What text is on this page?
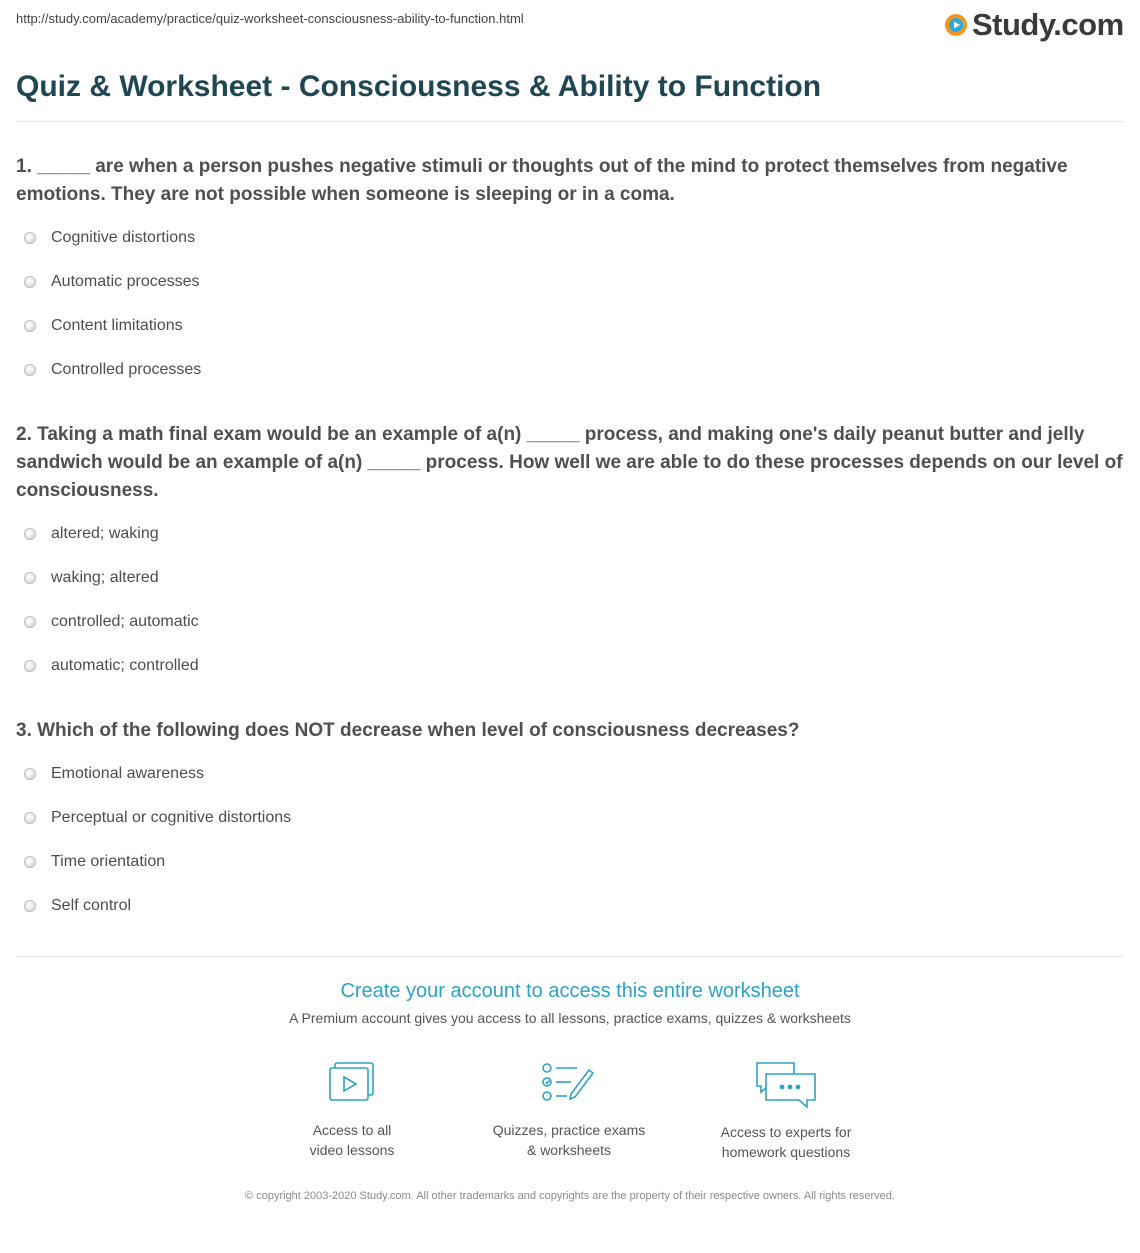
http://study.com/academy/practice/quiz-worksheet-consciousness-ability-to-function.html	Study.com
Quiz & Worksheet - Consciousness & Ability to Function
1. _____ are when a person pushes negative stimuli or thoughts out of the mind to protect themselves from negative emotions. They are not possible when someone is sleeping or in a coma.
Cognitive distortions
Automatic processes
Content limitations
Controlled processes
2. Taking a math final exam would be an example of a(n) _____ process, and making one's daily peanut butter and jelly sandwich would be an example of a(n) _____ process. How well we are able to do these processes depends on our level of consciousness.
altered; waking
waking; altered
controlled; automatic
automatic; controlled
3. Which of the following does NOT decrease when level of consciousness decreases?
Emotional awareness
Perceptual or cognitive distortions
Time orientation
Self control
Create your account to access this entire worksheet
A Premium account gives you access to all lessons, practice exams, quizzes & worksheets
Access to all
video lessons
Quizzes, practice exams
& worksheets
Access to experts for
homework questions
© copyright 2003-2020 Study.com. All other trademarks and copyrights are the property of their respective owners. All rights reserved.
